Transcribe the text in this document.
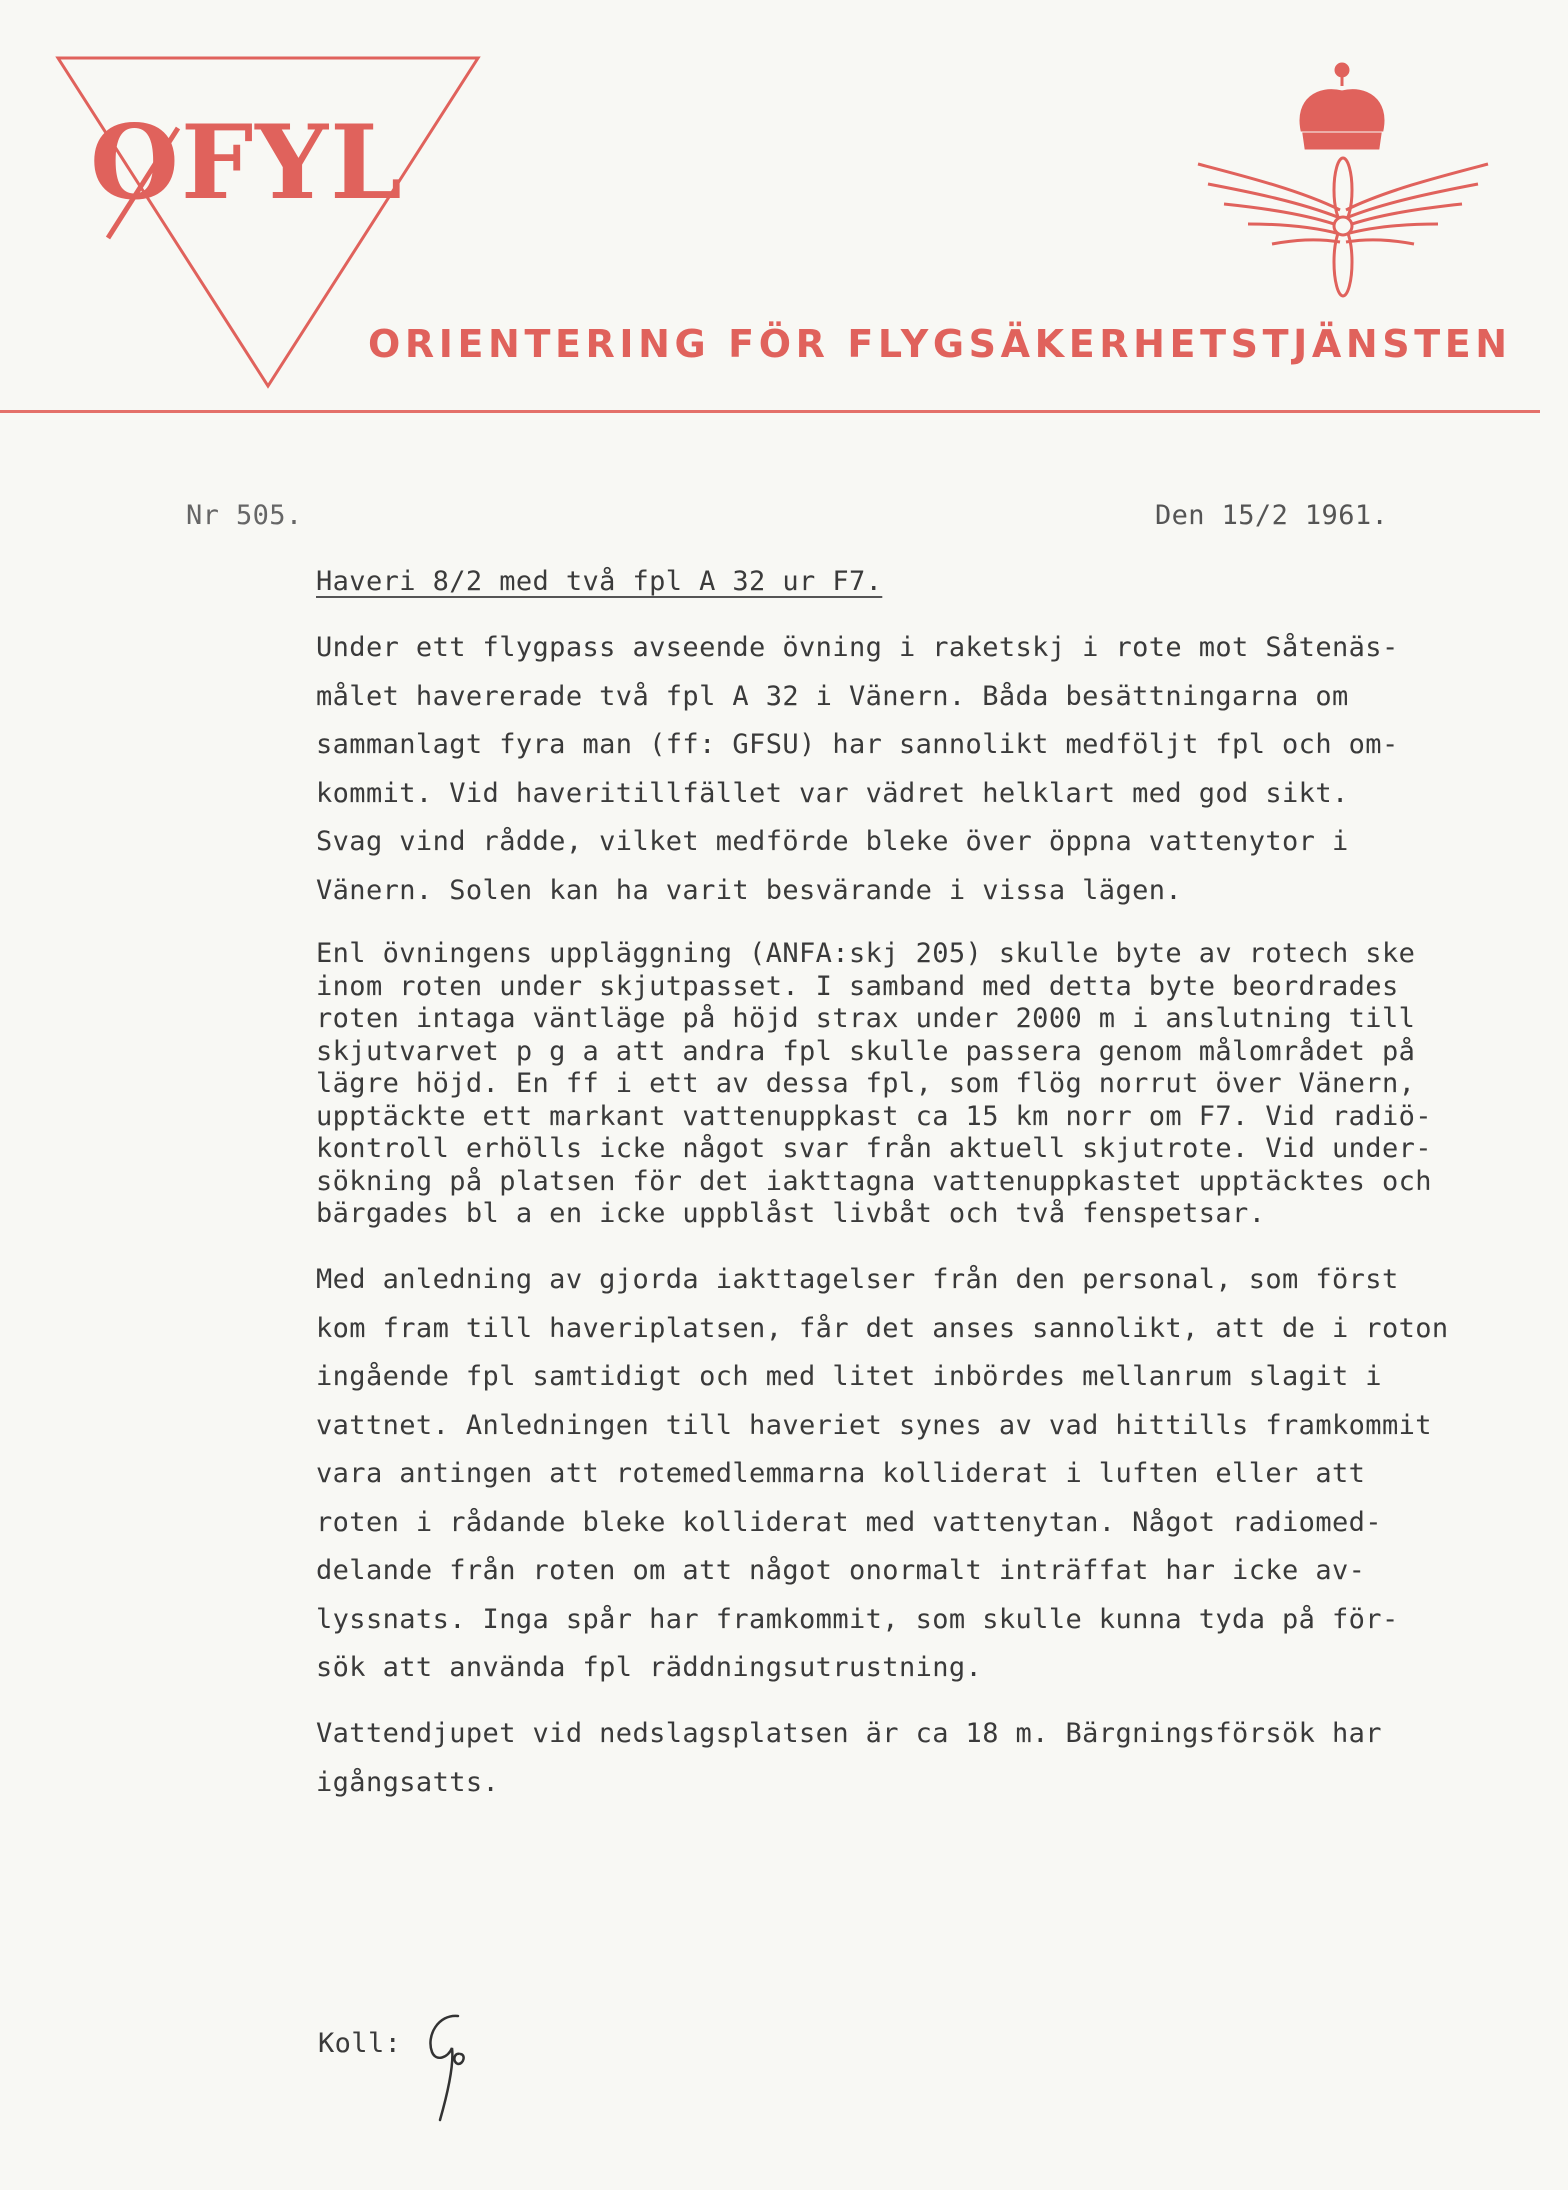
OFYL
ORIENTERING FÖR FLYGSÄKERHETSTJÄNSTEN
Nr 505.	Den 15/2 1961.
Haveri 8/2 med två fpl A 32 ur F7.
Under ett flygpass avseende övning i raketskj i rote mot Såtenäs-
målet havererade två fpl A 32 i Vänern. Båda besättningarna om
sammanlagt fyra man (ff: GFSU) har sannolikt medföljt fpl och om-
kommit. Vid haveritillfället var vädret helklart med god sikt.
Svag vind rådde, vilket medförde bleke över öppna vattenytor i
Vänern. Solen kan ha varit besvärande i vissa lägen.
Enl övningens uppläggning (ANFA:skj 205) skulle byte av rotech ske
inom roten under skjutpasset. I samband med detta byte beordrades
roten intaga väntläge på höjd strax under 2000 m i anslutning till
skjutvarvet p g a att andra fpl skulle passera genom målområdet på
lägre höjd. En ff i ett av dessa fpl, som flög norrut över Vänern,
upptäckte ett markant vattenuppkast ca 15 km norr om F7. Vid radiö-
kontroll erhölls icke något svar från aktuell skjutrote. Vid under-
sökning på platsen för det iakttagna vattenuppkastet upptäcktes och
bärgades bl a en icke uppblåst livbåt och två fenspetsar.
Med anledning av gjorda iakttagelser från den personal, som först
kom fram till haveriplatsen, får det anses sannolikt, att de i roton
ingående fpl samtidigt och med litet inbördes mellanrum slagit i
vattnet. Anledningen till haveriet synes av vad hittills framkommit
vara antingen att rotemedlemmarna kolliderat i luften eller att
roten i rådande bleke kolliderat med vattenytan. Något radiomed-
delande från roten om att något onormalt inträffat har icke av-
lyssnats. Inga spår har framkommit, som skulle kunna tyda på för-
sök att använda fpl räddningsutrustning.
Vattendjupet vid nedslagsplatsen är ca 18 m. Bärgningsförsök har
igångsatts.
Koll:
